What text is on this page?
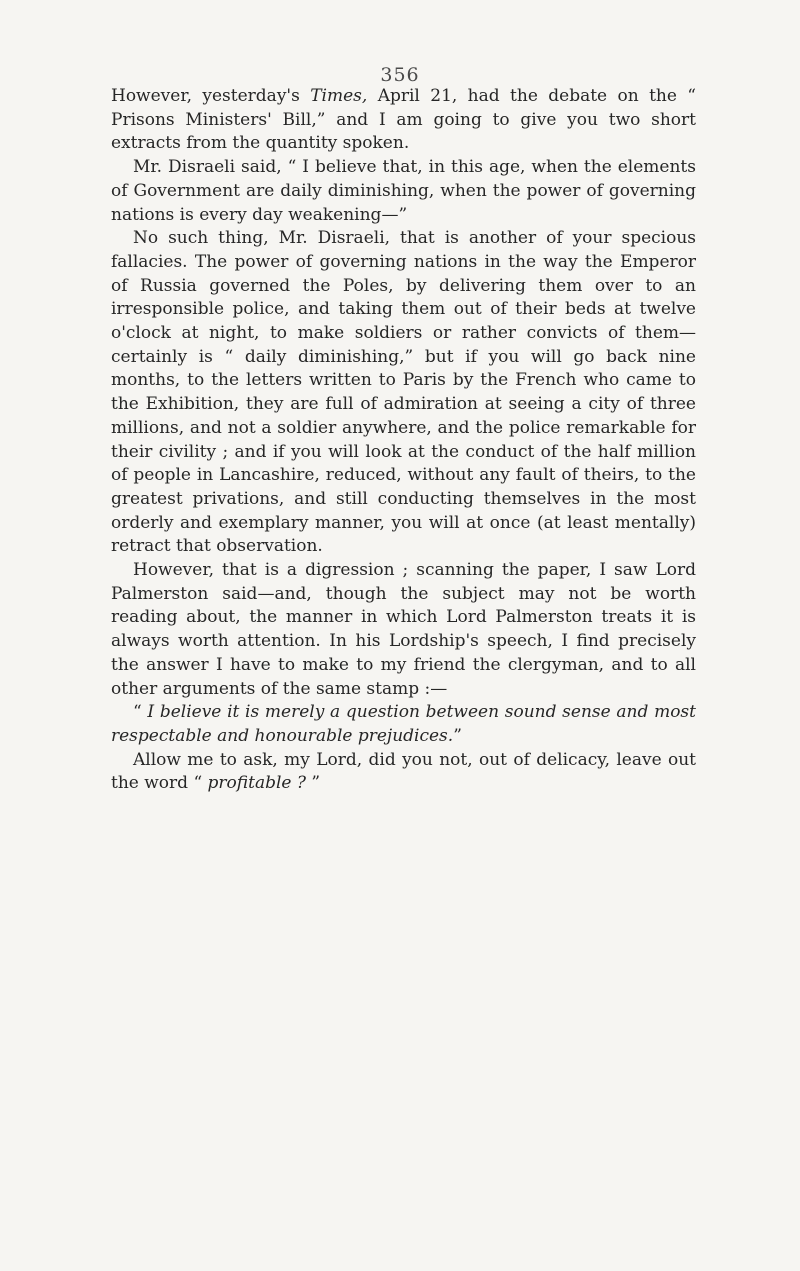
356

However, yesterday's Times, April 21, had the debate on the “ Prisons Ministers' Bill,” and I am going to give you two short extracts from the quantity spoken.

Mr. Disraeli said, “ I believe that, in this age, when the elements of Government are daily diminishing, when the power of governing nations is every day weakening—”

No such thing, Mr. Disraeli, that is another of your specious fallacies. The power of governing nations in the way the Emperor of Russia governed the Poles, by delivering them over to an irresponsible police, and taking them out of their beds at twelve o'clock at night, to make soldiers or rather convicts of them—certainly is “ daily diminishing,” but if you will go back nine months, to the letters written to Paris by the French who came to the Exhibition, they are full of admiration at seeing a city of three millions, and not a soldier anywhere, and the police remarkable for their civility ; and if you will look at the conduct of the half million of people in Lancashire, reduced, without any fault of theirs, to the greatest privations, and still conducting themselves in the most orderly and exemplary manner, you will at once (at least mentally) retract that observation.

However, that is a digression ; scanning the paper, I saw Lord Palmerston said—and, though the subject may not be worth reading about, the manner in which Lord Palmerston treats it is always worth attention. In his Lordship's speech, I find precisely the answer I have to make to my friend the clergyman, and to all other arguments of the same stamp :—

“ I believe it is merely a question between sound sense and most respectable and honourable prejudices.”

Allow me to ask, my Lord, did you not, out of delicacy, leave out the word “ profitable ? ”
